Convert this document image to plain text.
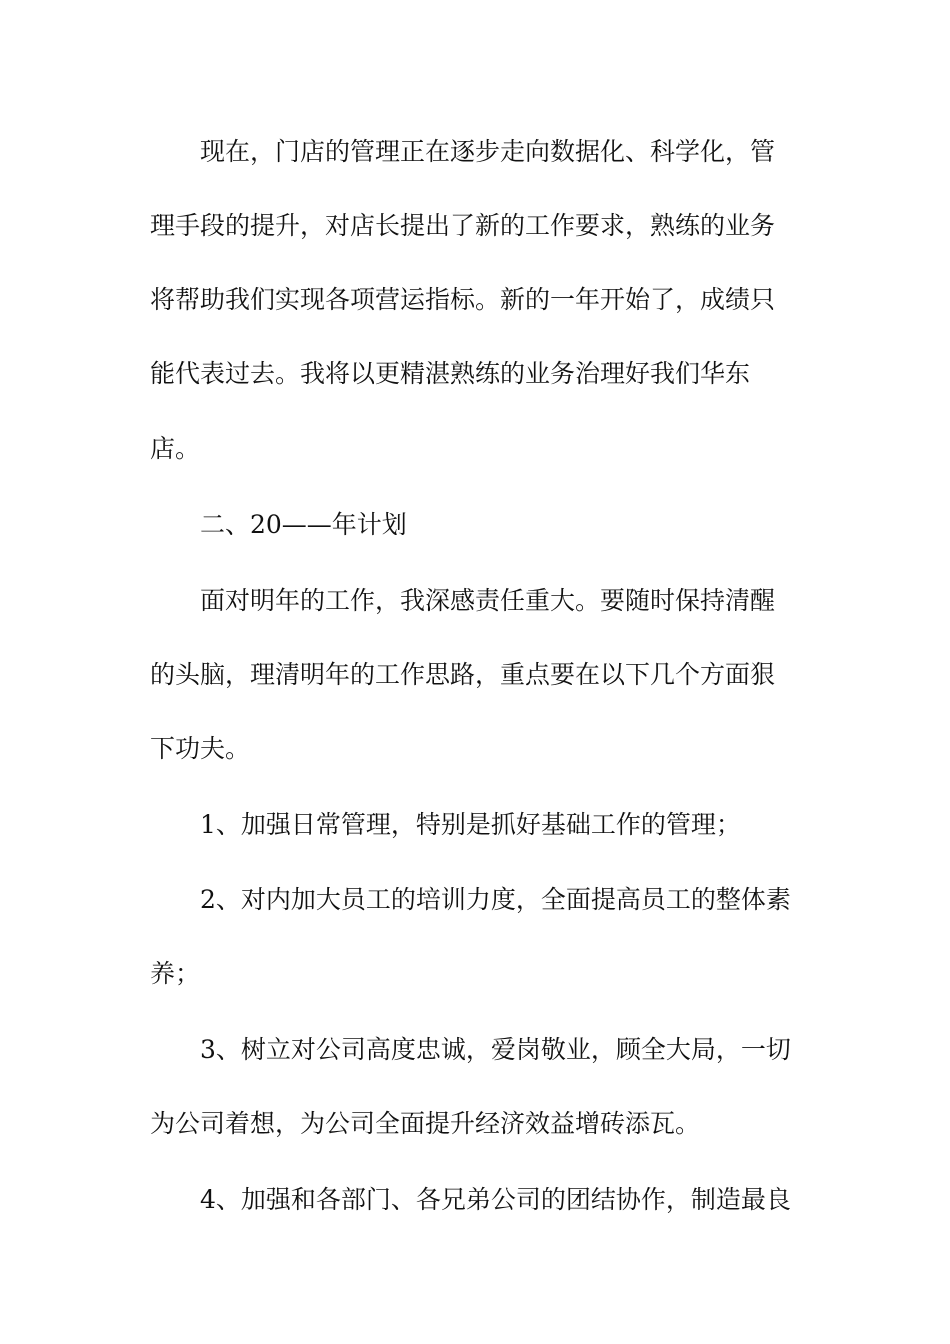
　　现在，门店的管理正在逐步走向数据化、科学化，管
理手段的提升，对店长提出了新的工作要求，熟练的业务
将帮助我们实现各项营运指标。新的一年开始了，成绩只
能代表过去。我将以更精湛熟练的业务治理好我们华东
店。
　　二、20——年计划
　　面对明年的工作，我深感责任重大。要随时保持清醒
的头脑，理清明年的工作思路，重点要在以下几个方面狠
下功夫。
　　1、加强日常管理，特别是抓好基础工作的管理；
　　2、对内加大员工的培训力度，全面提高员工的整体素
养；
　　3、树立对公司高度忠诚，爱岗敬业，顾全大局，一切
为公司着想，为公司全面提升经济效益增砖添瓦。
　　4、加强和各部门、各兄弟公司的团结协作，制造最良
